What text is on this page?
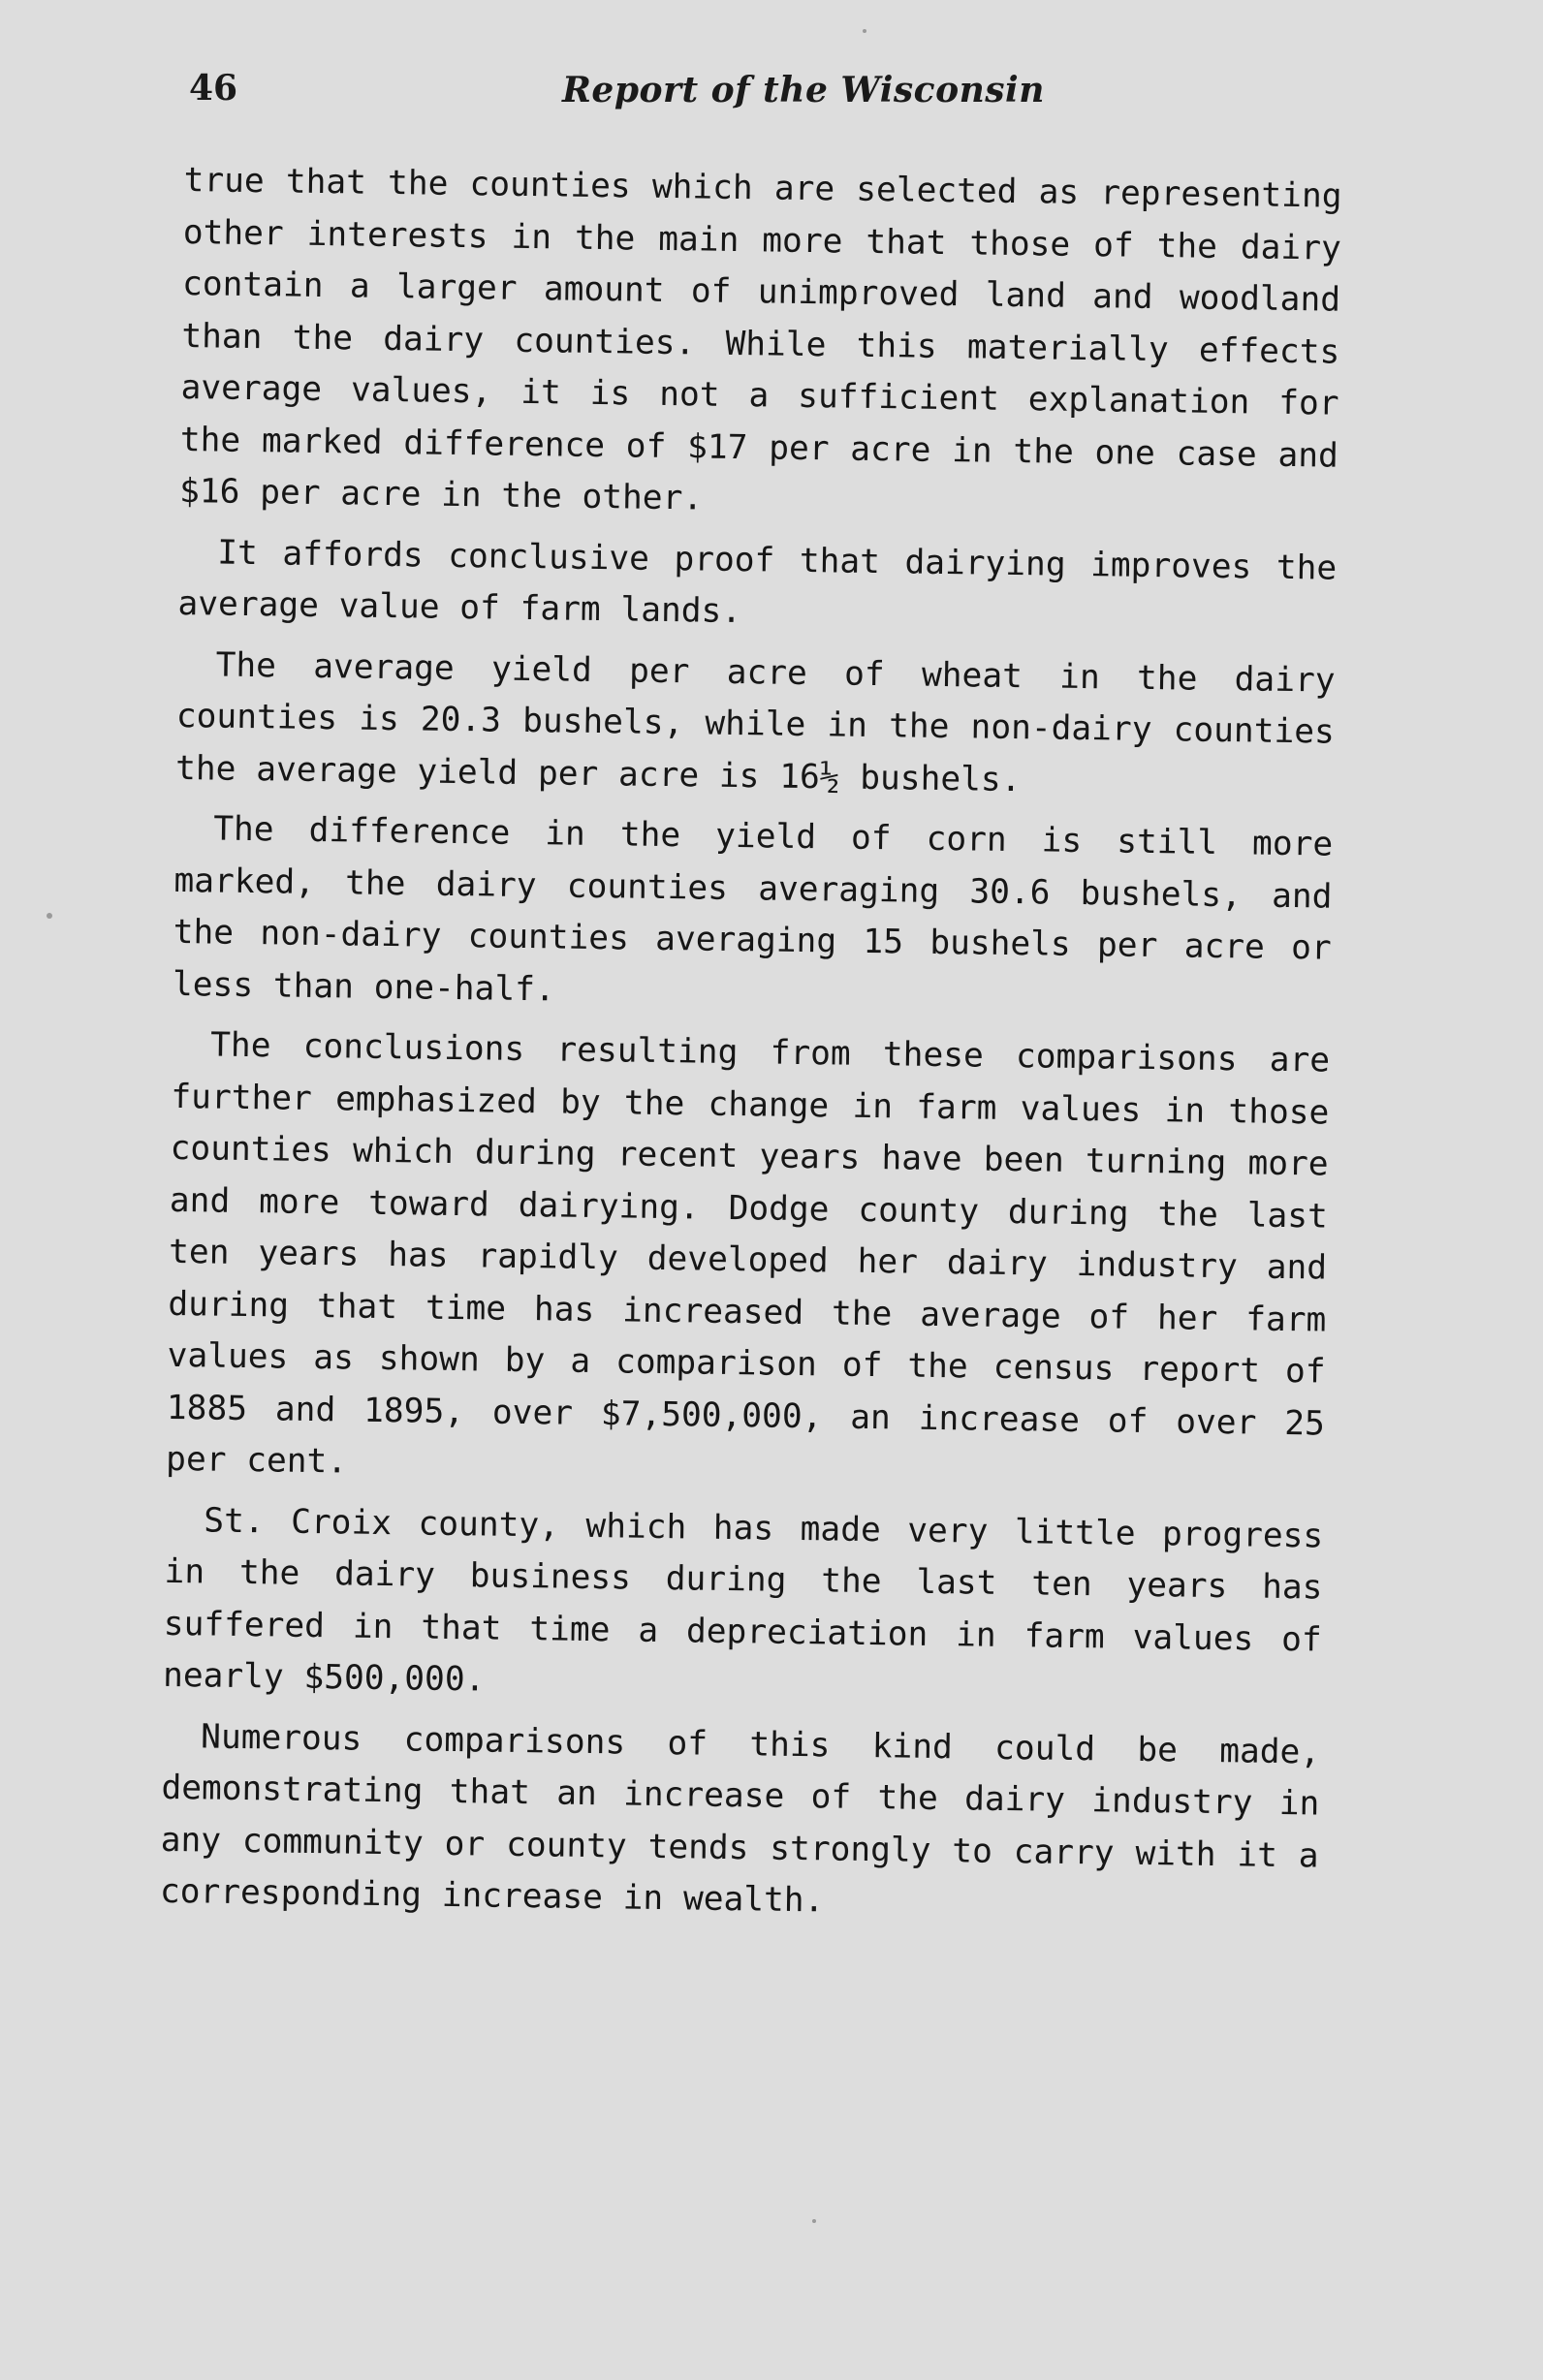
46	Report of the Wisconsin

true that the counties which are selected as representing other interests in the main more that those of the dairy contain a larger amount of unimproved land and woodland than the dairy counties. While this materially effects average values, it is not a sufficient explanation for the marked difference of $17 per acre in the one case and $16 per acre in the other.

It affords conclusive proof that dairying improves the average value of farm lands.

The average yield per acre of wheat in the dairy counties is 20.3 bushels, while in the non-dairy counties the average yield per acre is 16½ bushels.

The difference in the yield of corn is still more marked, the dairy counties averaging 30.6 bushels, and the non-dairy counties averaging 15 bushels per acre or less than one-half.

The conclusions resulting from these comparisons are further emphasized by the change in farm values in those counties which during recent years have been turning more and more toward dairying. Dodge county during the last ten years has rapidly developed her dairy industry and during that time has increased the average of her farm values as shown by a comparison of the census report of 1885 and 1895, over $7,500,000, an increase of over 25 per cent.

St. Croix county, which has made very little progress in the dairy business during the last ten years has suffered in that time a depreciation in farm values of nearly $500,000.

Numerous comparisons of this kind could be made, demonstrating that an increase of the dairy industry in any community or county tends strongly to carry with it a corresponding increase in wealth.
